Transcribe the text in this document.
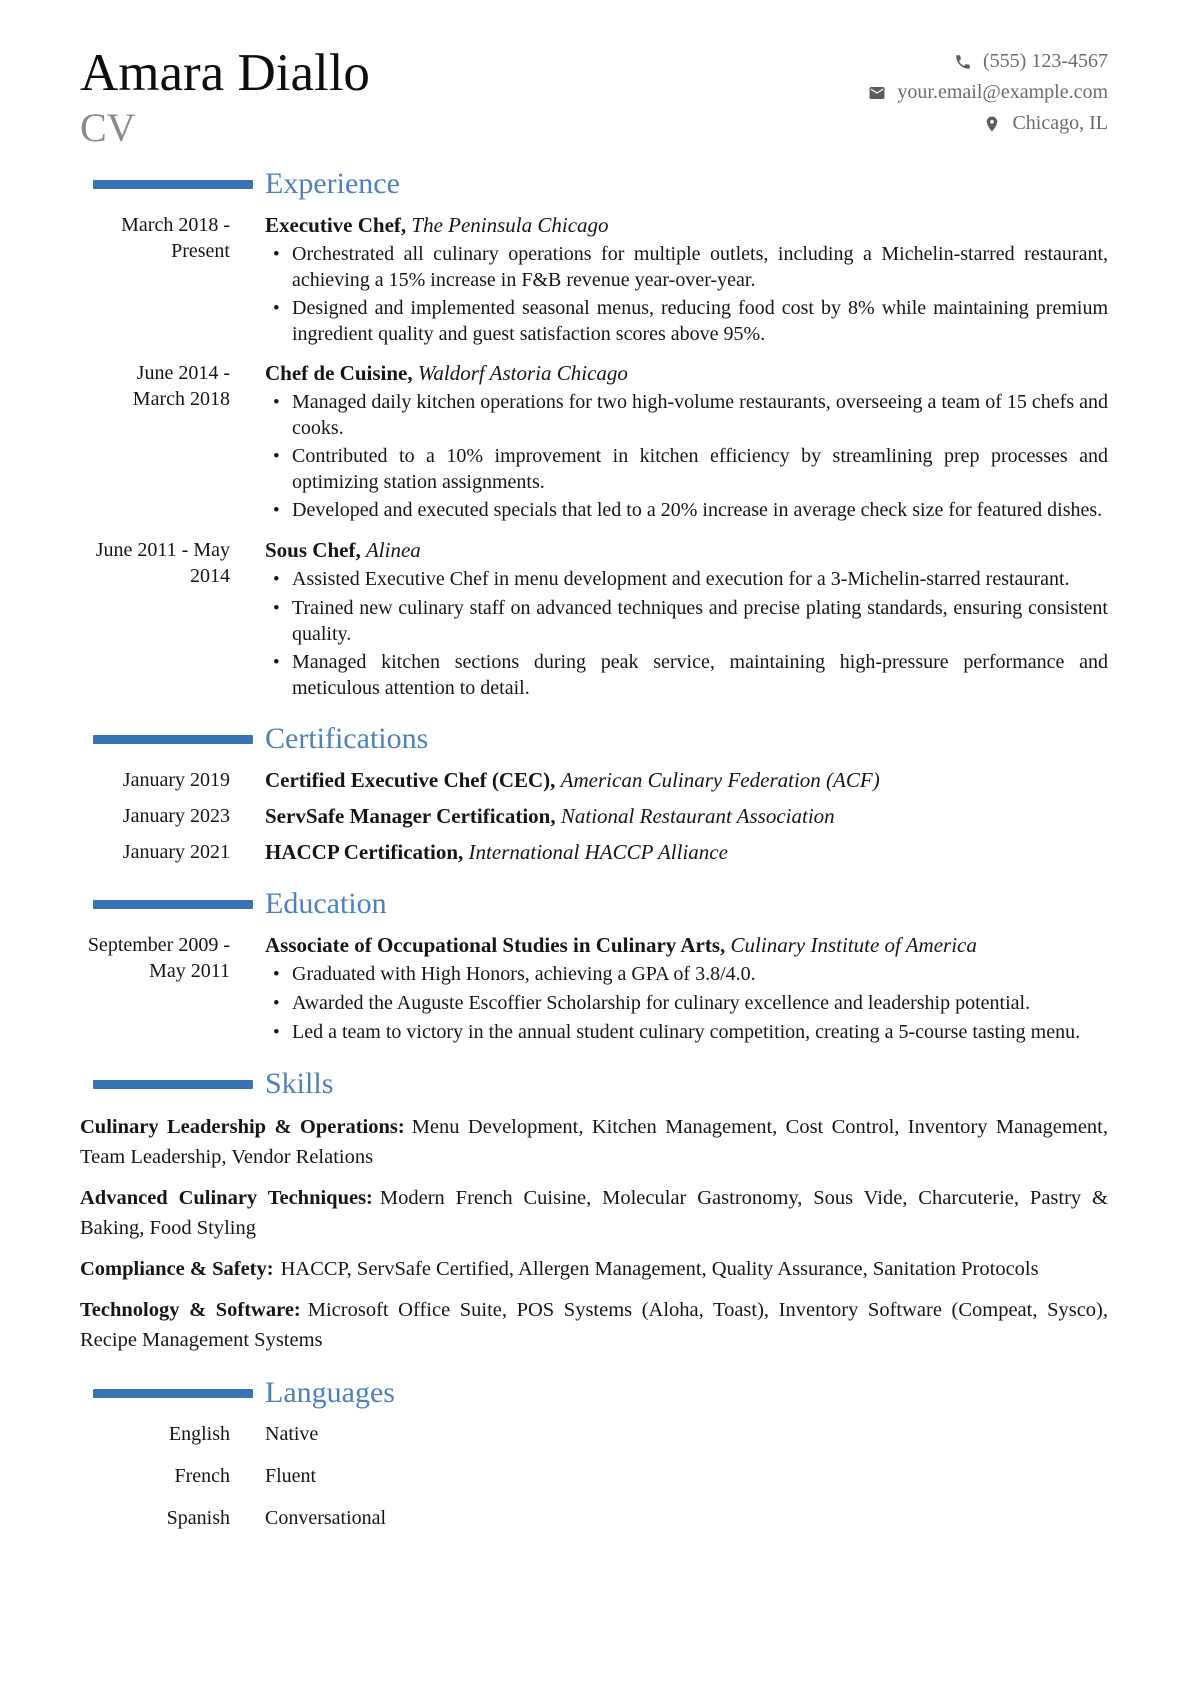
Amara Diallo
CV
(555) 123-4567
your.email@example.com
Chicago, IL
Experience
March 2018 - Present
Executive Chef , The Peninsula Chicago
•
Orchestrated all culinary operations for multiple outlets, including a Michelin-starred restaurant, achieving a 15% increase in F&B revenue year-over-year.
•
Designed and implemented seasonal menus, reducing food cost by 8% while maintaining premium ingredient quality and guest satisfaction scores above 95%.
June 2014 - March 2018
Chef de Cuisine , Waldorf Astoria Chicago
•
Managed daily kitchen operations for two high-volume restaurants, overseeing a team of 15 chefs and cooks.
•
Contributed to a 10% improvement in kitchen efficiency by streamlining prep processes and optimizing station assignments.
•
Developed and executed specials that led to a 20% increase in average check size for featured dishes.
June 2011 - May 2014
Sous Chef , Alinea
•
Assisted Executive Chef in menu development and execution for a 3-Michelin-starred restaurant.
•
Trained new culinary staff on advanced techniques and precise plating standards, ensuring consistent quality.
•
Managed kitchen sections during peak service, maintaining high-pressure performance and meticulous attention to detail.
Certifications
January 2019 Certified Executive Chef (CEC) , American Culinary Federation (ACF)
January 2023 ServSafe Manager Certification , National Restaurant Association
January 2021 HACCP Certification , International HACCP Alliance
Education
September 2009 - May 2011
Associate of Occupational Studies in Culinary Arts , Culinary Institute of America
•
Graduated with High Honors, achieving a GPA of 3.8/4.0.
•
Awarded the Auguste Escoffier Scholarship for culinary excellence and leadership potential.
•
Led a team to victory in the annual student culinary competition, creating a 5-course tasting menu.
Skills

Culinary Leadership & Operations: Menu Development, Kitchen Management, Cost Control, Inventory Management, Team Leadership, Vendor Relations

Advanced Culinary Techniques: Modern French Cuisine, Molecular Gastronomy, Sous Vide, Charcuterie, Pastry & Baking, Food Styling

Compliance & Safety: HACCP, ServSafe Certified, Allergen Management, Quality Assurance, Sanitation Protocols

Technology & Software: Microsoft Office Suite, POS Systems (Aloha, Toast), Inventory Software (Compeat, Sysco), Recipe Management Systems

Languages
English Native
French Fluent
Spanish Conversational
